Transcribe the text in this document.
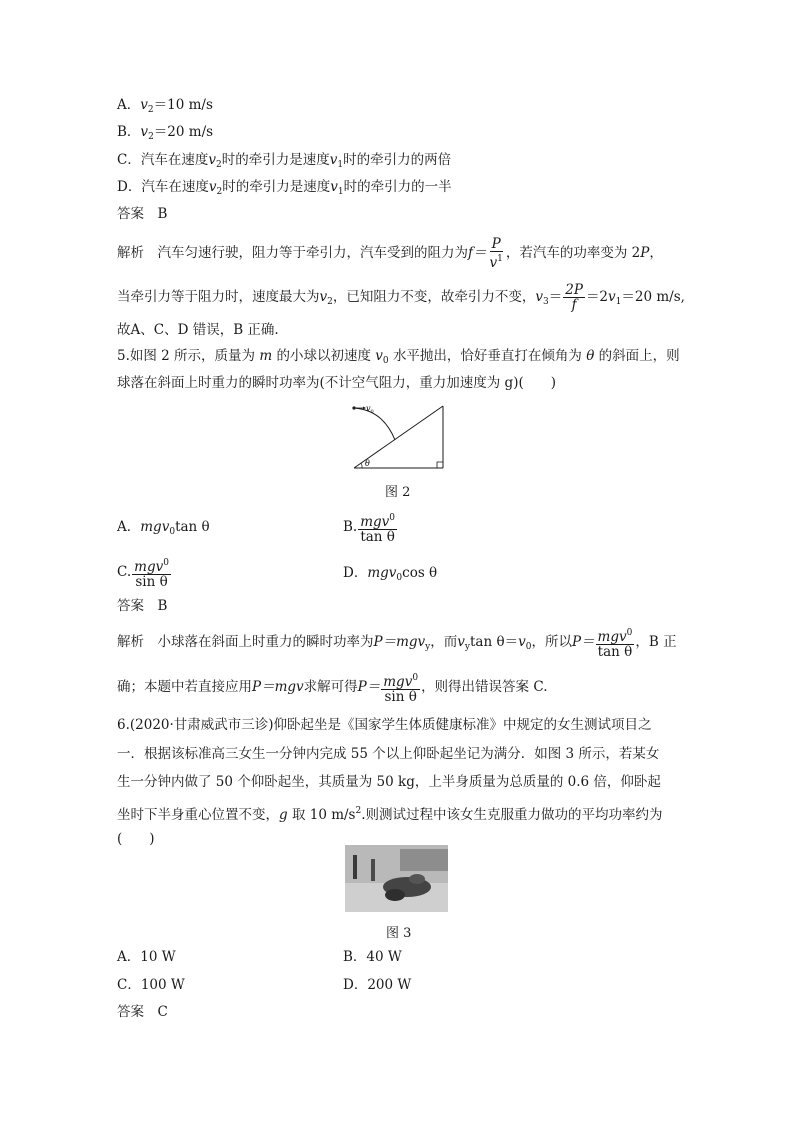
A．$v_2=10$ m/s
B．$v_2=20$ m/s
C．汽车在速度$v_2$时的牵引力是速度$v_1$时的牵引力的两倍
D．汽车在速度$v_2$时的牵引力是速度$v_1$时的牵引力的一半
答案　B
解析　汽车匀速行驶，阻力等于牵引力，汽车受到的阻力为$f= \frac{P}{v^1}$ ，若汽车的功率变为 2P，
当牵引力等于阻力时，速度最大为$v_2$，已知阻力不变，故牵引力不变，$v_3= \frac{2P}{f} =2v_1=20$ m/s,
故A、C、D 错误，B 正确.
5.如图 2 所示，质量为 m 的小球以初速度 $v_0$ 水平抛出，恰好垂直打在倾角为 θ 的斜面上，则
球落在斜面上时重力的瞬时功率为(不计空气阻力，重力加速度为 g)(　　)
v 0
θ
图 2
A．mgv$_0$tan θ	B. $\frac{mgv^0}{\text{tan θ}}$
C. $\frac{mgv^0}{\text{sin θ}}$	D．mgv$_0$cos θ
答案　B
解析　小球落在斜面上时重力的瞬时功率为P＝mgv$_y$，而$v_y\tan$ $\theta=v_0$，所以$P= \frac{mgv^0}{\text{tan θ}}$ ，B 正
确；本题中若直接应用P＝mgv求解可得$P= \frac{mgv^0}{\text{sin θ}}$ ，则得出错误答案 C.
6.(2020·甘肃威武市三诊)仰卧起坐是《国家学生体质健康标准》中规定的女生测试项目之
一．根据该标准高三女生一分钟内完成 55 个以上仰卧起坐记为满分．如图 3 所示，若某女
生一分钟内做了 50 个仰卧起坐，其质量为 50 kg，上半身质量为总质量的 0.6 倍，仰卧起
坐时下半身重心位置不变，g 取 10 $m/s^2$.则测试过程中该女生克服重力做功的平均功率约为
(　　)
图 3
A．10 W	B．40 W
C．100 W	D．200 W
答案　C
